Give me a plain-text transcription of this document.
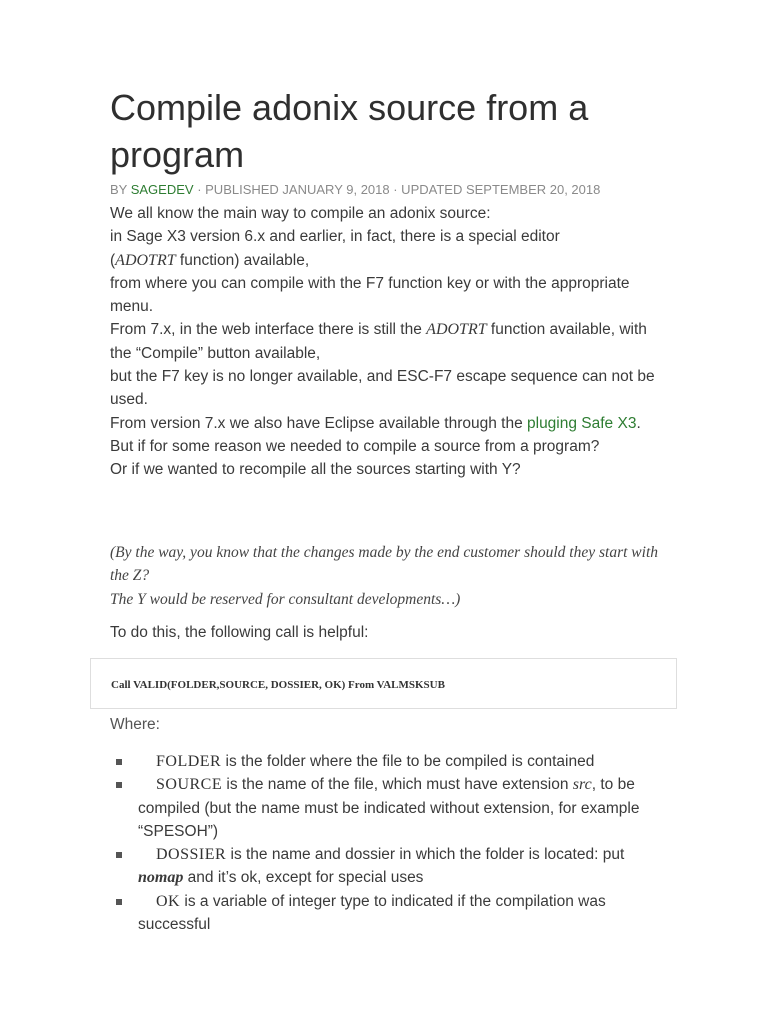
Compile adonix source from a program
BY SAGEDEV · PUBLISHED JANUARY 9, 2018 · UPDATED SEPTEMBER 20, 2018

We all know the main way to compile an adonix source:

in Sage X3 version 6.x and earlier, in fact, there is a special editor

(ADOTRT function) available,

from where you can compile with the F7 function key or with the appropriate menu.

From 7.x, in the web interface there is still the ADOTRT function available, with the “Compile” button available,

but the F7 key is no longer available, and ESC-F7 escape sequence can not be used.

From version 7.x we also have Eclipse available through the pluging Safe X3.

But if for some reason we needed to compile a source from a program?

Or if we wanted to recompile all the sources starting with Y?

(By the way, you know that the changes made by the end customer should they start with the Z?

The Y would be reserved for consultant developments…)

To do this, the following call is helpful:

Call VALID(FOLDER,SOURCE, DOSSIER, OK) From VALMSKSUB

Where:

FOLDER is the folder where the file to be compiled is contained
SOURCE is the name of the file, which must have extension src, to be compiled (but the name must be indicated without extension, for example “SPESOH”)
DOSSIER is the name and dossier in which the folder is located: put nomap and it’s ok, except for special uses
OK is a variable of integer type to indicated if the compilation was successful
